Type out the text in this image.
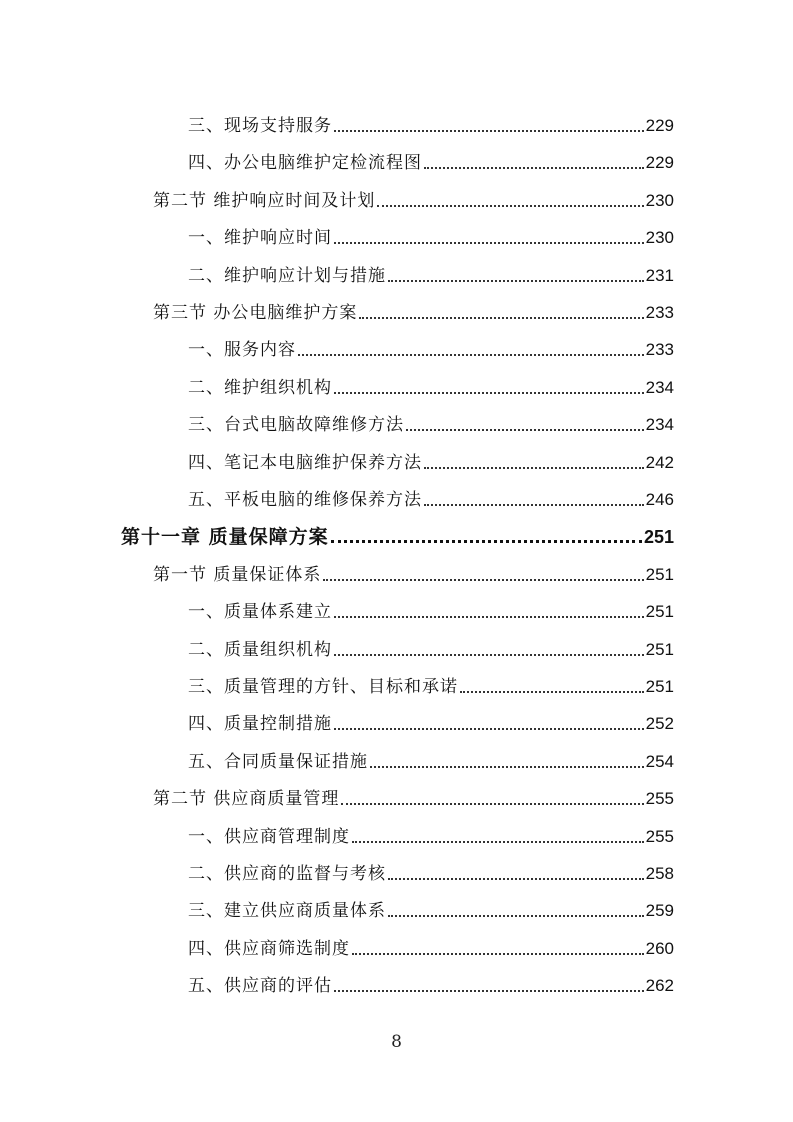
三、现场支持服务	229
四、办公电脑维护定检流程图	229
第二节 维护响应时间及计划	230
一、维护响应时间	230
二、维护响应计划与措施	231
第三节 办公电脑维护方案	233
一、服务内容	233
二、维护组织机构	234
三、台式电脑故障维修方法	234
四、笔记本电脑维护保养方法	242
五、平板电脑的维修保养方法	246
第十一章 质量保障方案	251
第一节 质量保证体系	251
一、质量体系建立	251
二、质量组织机构	251
三、质量管理的方针、目标和承诺	251
四、质量控制措施	252
五、合同质量保证措施	254
第二节 供应商质量管理	255
一、供应商管理制度	255
二、供应商的监督与考核	258
三、建立供应商质量体系	259
四、供应商筛选制度	260
五、供应商的评估	262
8
